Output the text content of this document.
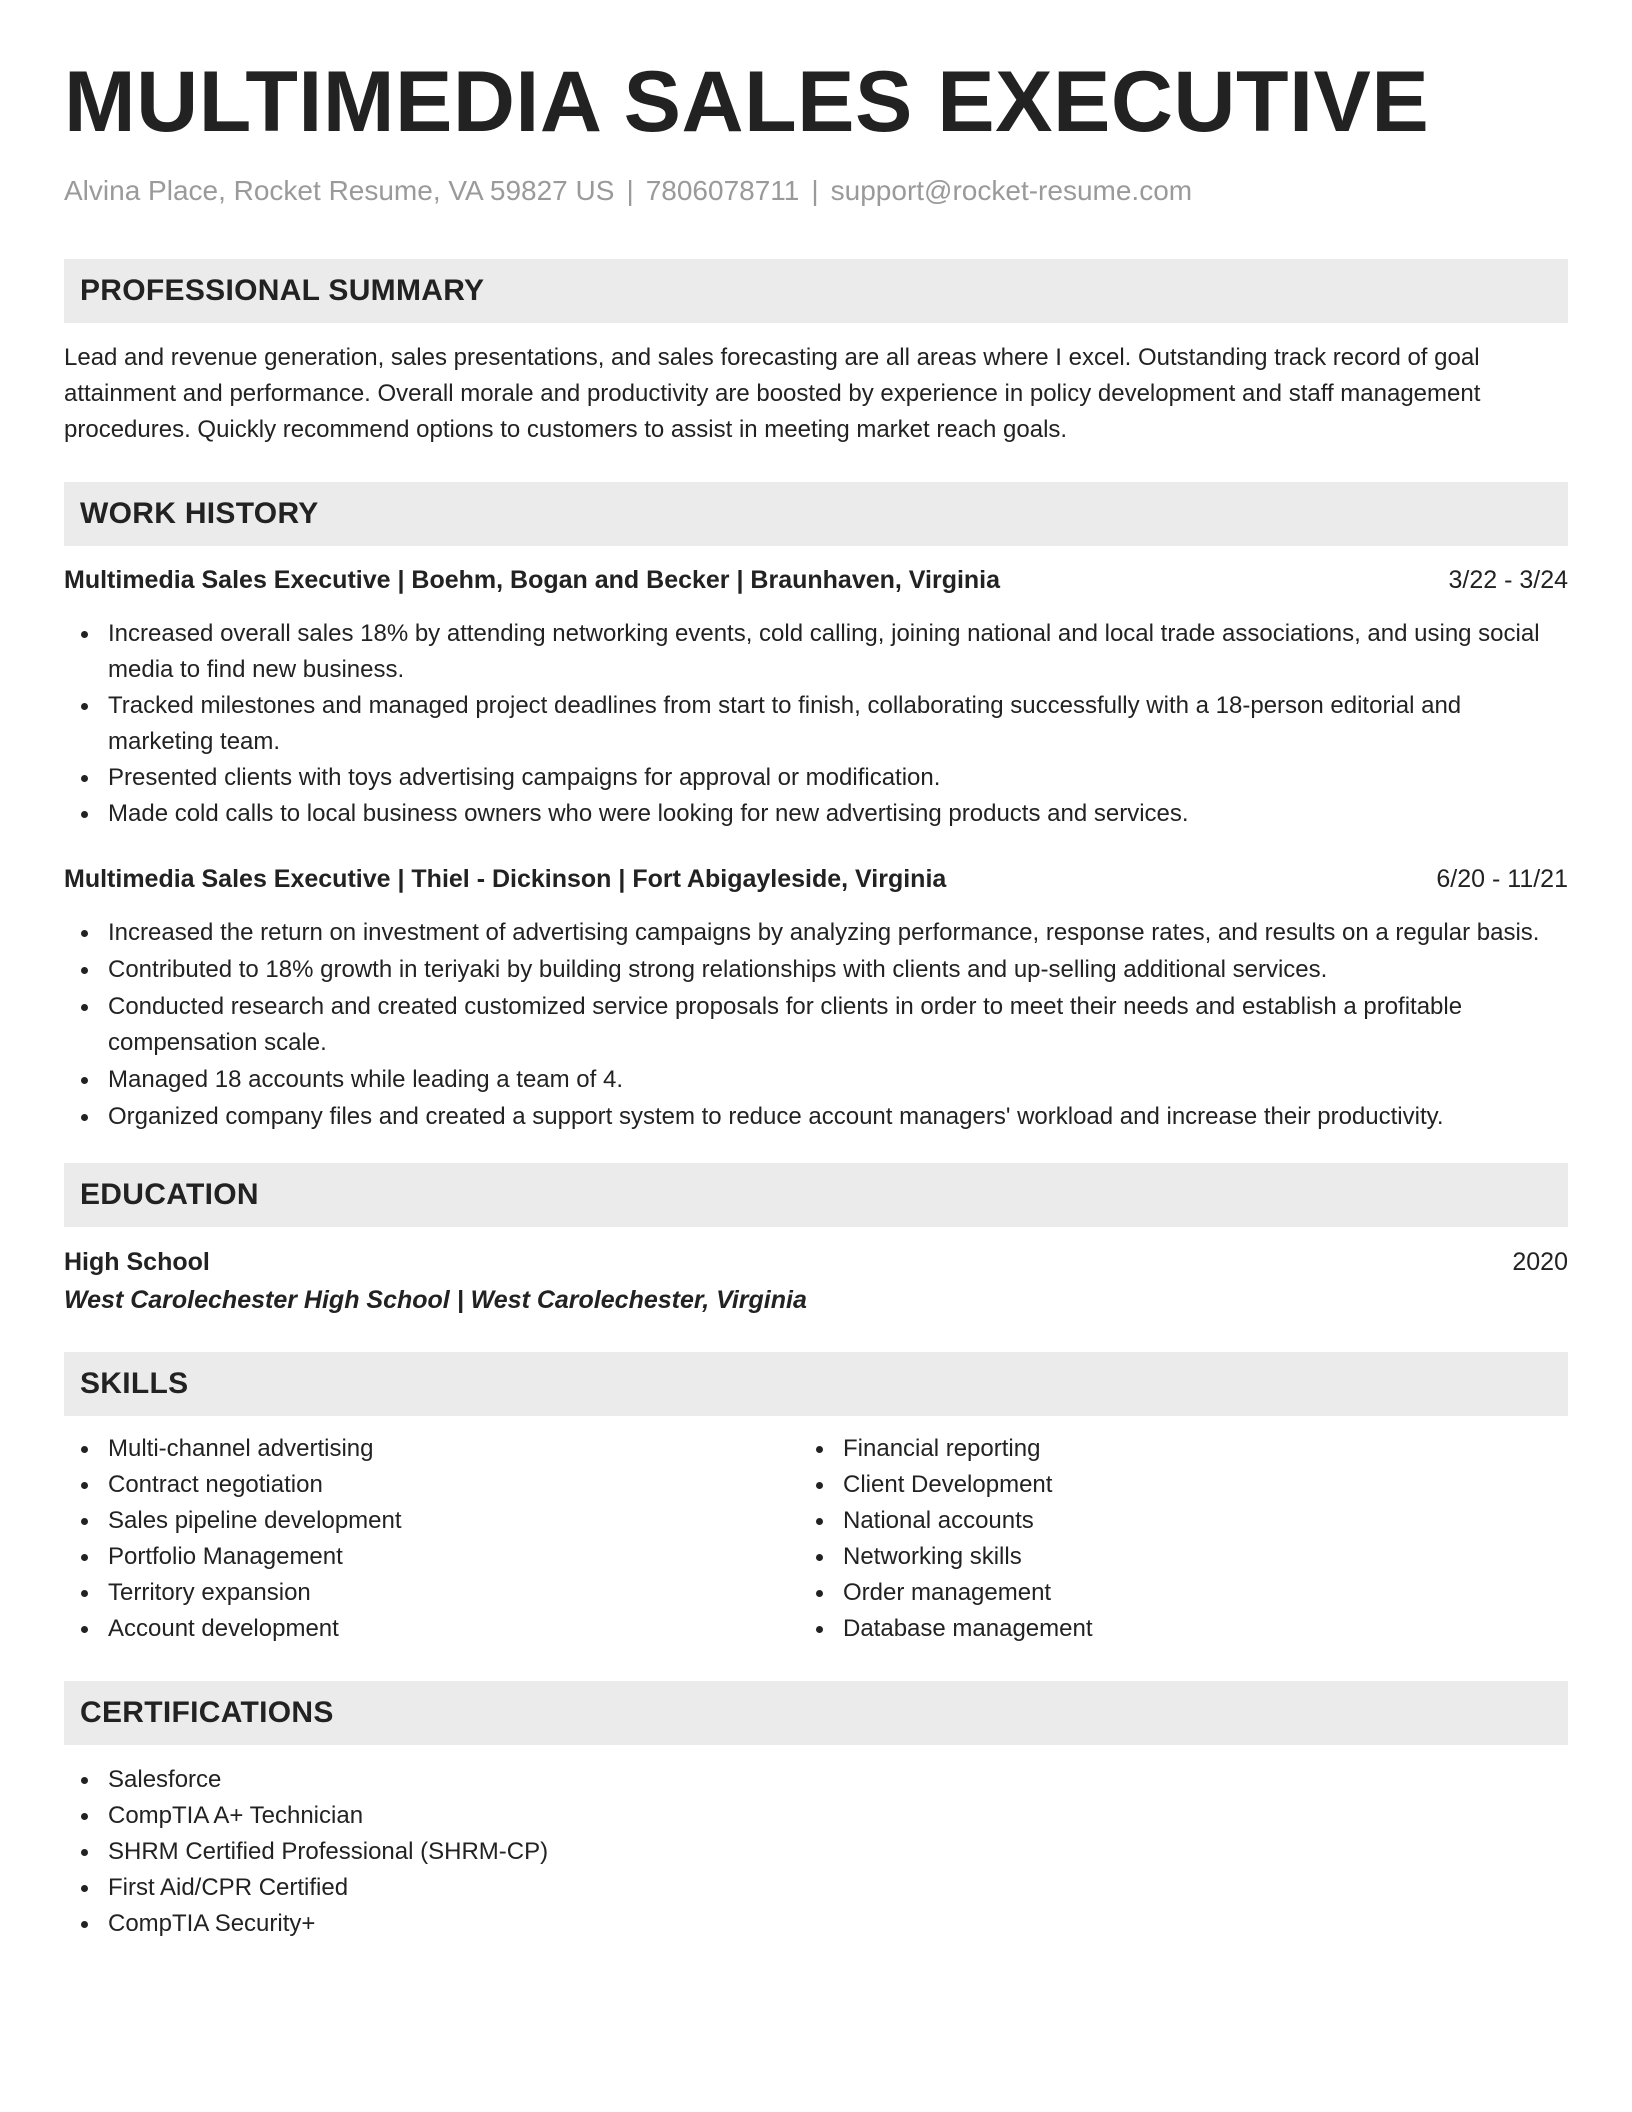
MULTIMEDIA SALES EXECUTIVE
Alvina Place, Rocket Resume, VA 59827 US | 7806078711 | support@rocket-resume.com
PROFESSIONAL SUMMARY
Lead and revenue generation, sales presentations, and sales forecasting are all areas where I excel. Outstanding track record of goal attainment and performance. Overall morale and productivity are boosted by experience in policy development and staff management procedures. Quickly recommend options to customers to assist in meeting market reach goals.
WORK HISTORY
Multimedia Sales Executive | Boehm, Bogan and Becker | Braunhaven, Virginia	3/22 - 3/24
Increased overall sales 18% by attending networking events, cold calling, joining national and local trade associations, and using social media to find new business.
Tracked milestones and managed project deadlines from start to finish, collaborating successfully with a 18-person editorial and marketing team.
Presented clients with toys advertising campaigns for approval or modification.
Made cold calls to local business owners who were looking for new advertising products and services.
Multimedia Sales Executive | Thiel - Dickinson | Fort Abigayleside, Virginia	6/20 - 11/21
Increased the return on investment of advertising campaigns by analyzing performance, response rates, and results on a regular basis.
Contributed to 18% growth in teriyaki by building strong relationships with clients and up-selling additional services.
Conducted research and created customized service proposals for clients in order to meet their needs and establish a profitable compensation scale.
Managed 18 accounts while leading a team of 4.
Organized company files and created a support system to reduce account managers' workload and increase their productivity.
EDUCATION
High School	2020
West Carolechester High School | West Carolechester, Virginia
SKILLS
Multi-channel advertising
Contract negotiation
Sales pipeline development
Portfolio Management
Territory expansion
Account development
Financial reporting
Client Development
National accounts
Networking skills
Order management
Database management
CERTIFICATIONS
Salesforce
CompTIA A+ Technician
SHRM Certified Professional (SHRM-CP)
First Aid/CPR Certified
CompTIA Security+
